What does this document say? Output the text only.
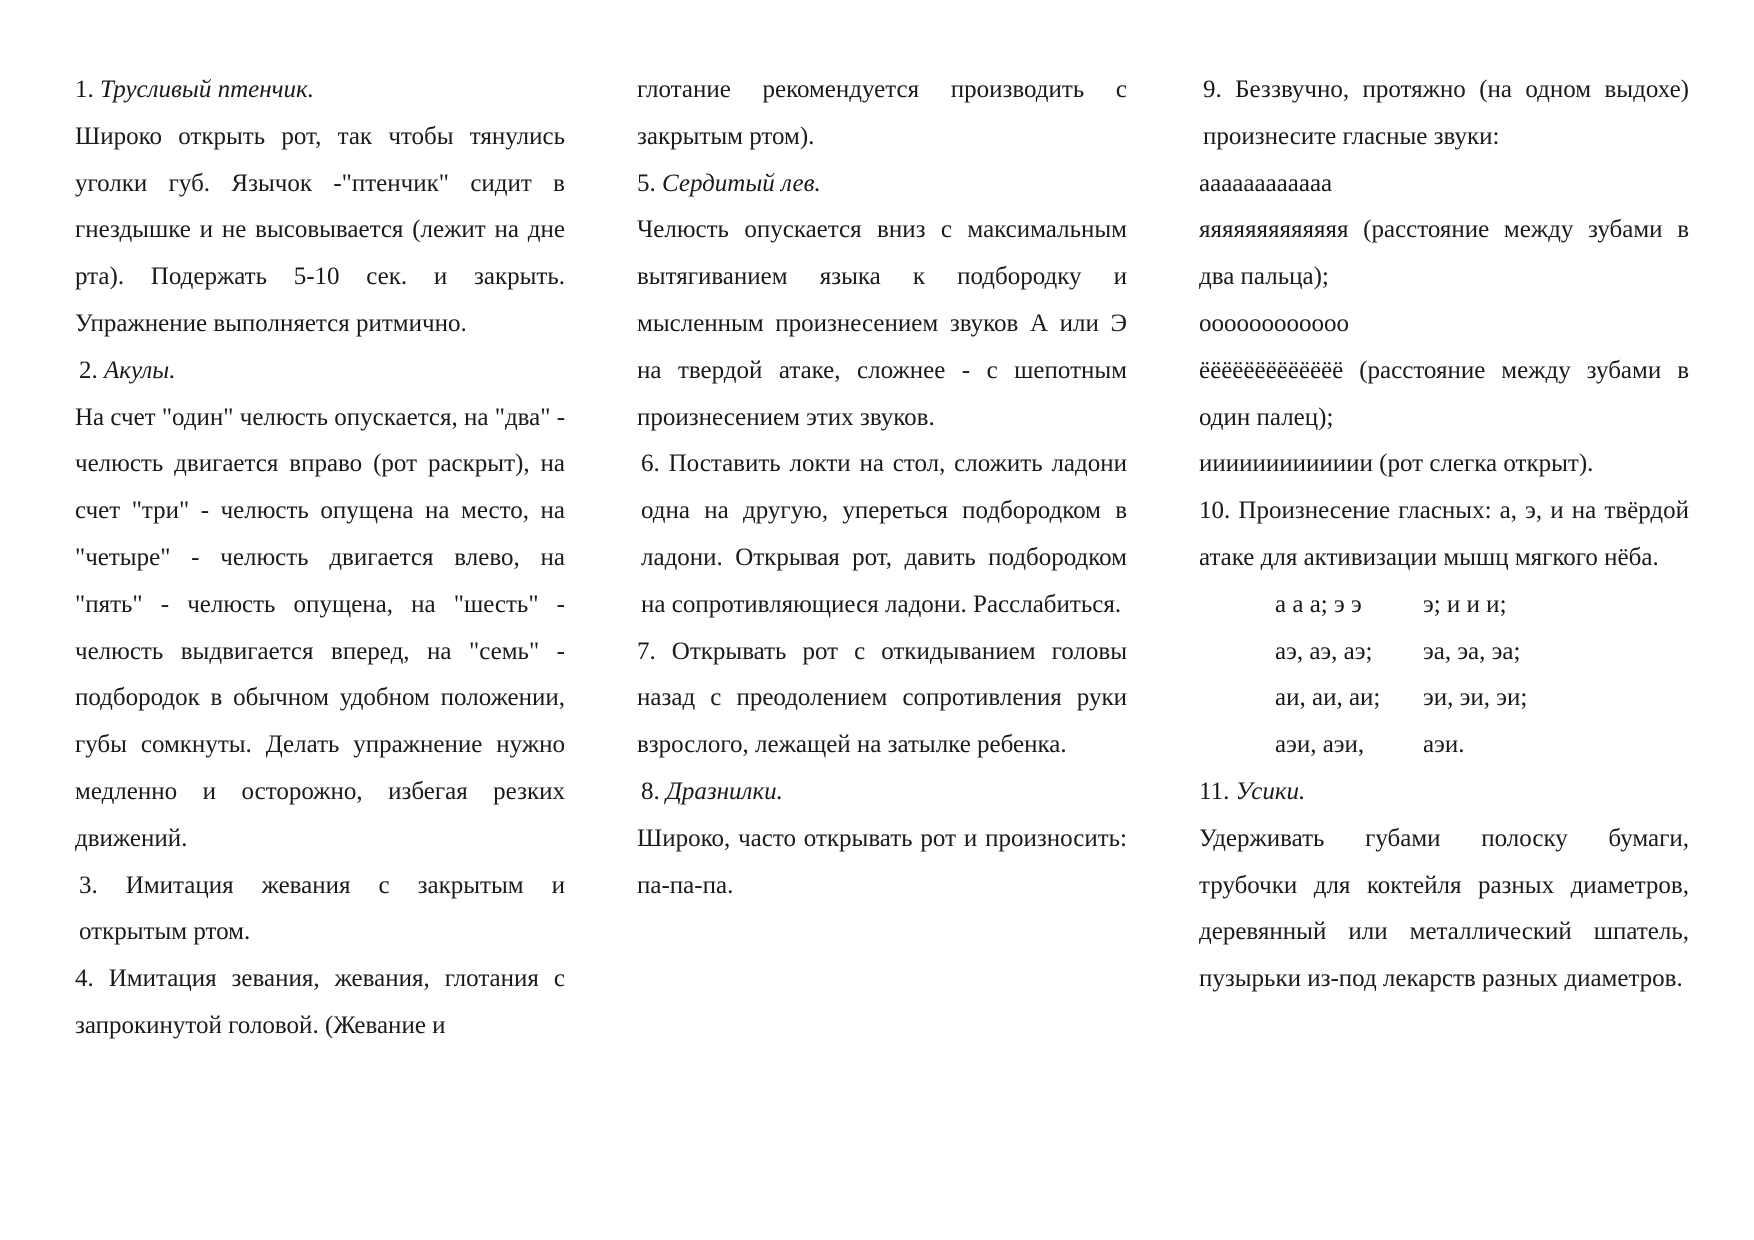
1. Трусливый птенчик.

Широко открыть рот, так чтобы тянулись уголки губ. Язычок -"птенчик" сидит в гнездышке и не высовывается (лежит на дне рта). Подержать 5-10 сек. и закрыть. Упражнение выполняется ритмично.

2. Акулы.

На счет "один" челюсть опускается, на "два" - челюсть двигается вправо (рот раскрыт), на счет "три" - челюсть опущена на место, на "четыре" - челюсть двигается влево, на "пять" - челюсть опущена, на "шесть" - челюсть выдвигается вперед, на "семь" - подбородок в обычном удобном положении, губы сомкнуты. Делать упражнение нужно медленно и осторожно, избегая резких движений.

3. Имитация жевания с закрытым и открытым ртом.

4. Имитация зевания, жевания, глотания с запрокинутой головой. (Жевание и

глотание рекомендуется производить с закрытым ртом).

5. Сердитый лев.

Челюсть опускается вниз с максимальным вытягиванием языка к подбородку и мысленным произнесением звуков А или Э на твердой атаке, сложнее - с шепотным произнесением этих звуков.

6. Поставить локти на стол, сложить ладони одна на другую, упереться подбородком в ладони. Открывая рот, давить подбородком на сопротивляющиеся ладони. Расслабиться.

7. Открывать рот с откидыванием головы назад с преодолением сопротивления руки взрослого, лежащей на затылке ребенка.

8. Дразнилки.

Широко, часто открывать рот и произносить: па-па-па.

9. Беззвучно, протяжно (на одном выдохе) произнесите гласные звуки:

аааааааааааа

яяяяяяяяяяяяя (расстояние между зубами в два пальца);

оооооооооооо

ёёёёёёёёёёёёё (расстояние между зубами в один палец);

иииииииииииии (рот слегка открыт).

10. Произнесение гласных: а, э, и на твёрдой атаке для активизации мышц мягкого нёба.

а а а; э э	э; и и и;
аэ, аэ, аэ;	эа, эа, эа;
аи, аи, аи;	эи, эи, эи;
аэи, аэи,	аэи.

11. Усики.

Удерживать губами полоску бумаги, трубочки для коктейля разных диаметров, деревянный или металлический шпатель, пузырьки из-под лекарств разных диаметров.
